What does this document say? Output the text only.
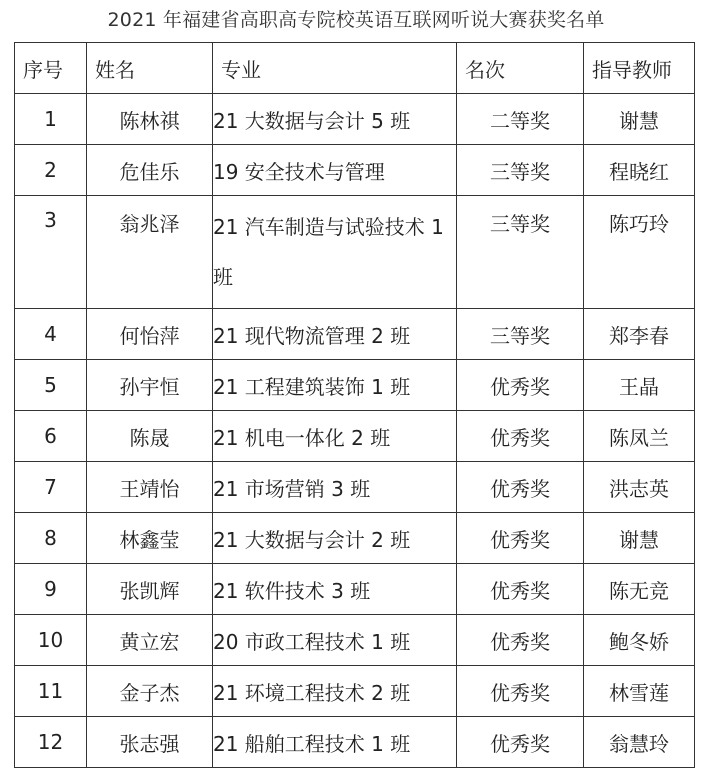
2021 年福建省高职高专院校英语互联网听说大赛获奖名单
序号	姓名	专业	名次	指导教师
1	陈林祺	21 大数据与会计 5 班	二等奖	谢慧
2	危佳乐	19 安全技术与管理	三等奖	程晓红
3	翁兆泽	21 汽车制造与试验技术 1 班	三等奖	陈巧玲
4	何怡萍	21 现代物流管理 2 班	三等奖	郑李春
5	孙宇恒	21 工程建筑装饰 1 班	优秀奖	王晶
6	陈晟	21 机电一体化 2 班	优秀奖	陈凤兰
7	王靖怡	21 市场营销 3 班	优秀奖	洪志英
8	林鑫莹	21 大数据与会计 2 班	优秀奖	谢慧
9	张凯辉	21 软件技术 3 班	优秀奖	陈无竞
10	黄立宏	20 市政工程技术 1 班	优秀奖	鲍冬娇
11	金子杰	21 环境工程技术 2 班	优秀奖	林雪莲
12	张志强	21 船舶工程技术 1 班	优秀奖	翁慧玲
